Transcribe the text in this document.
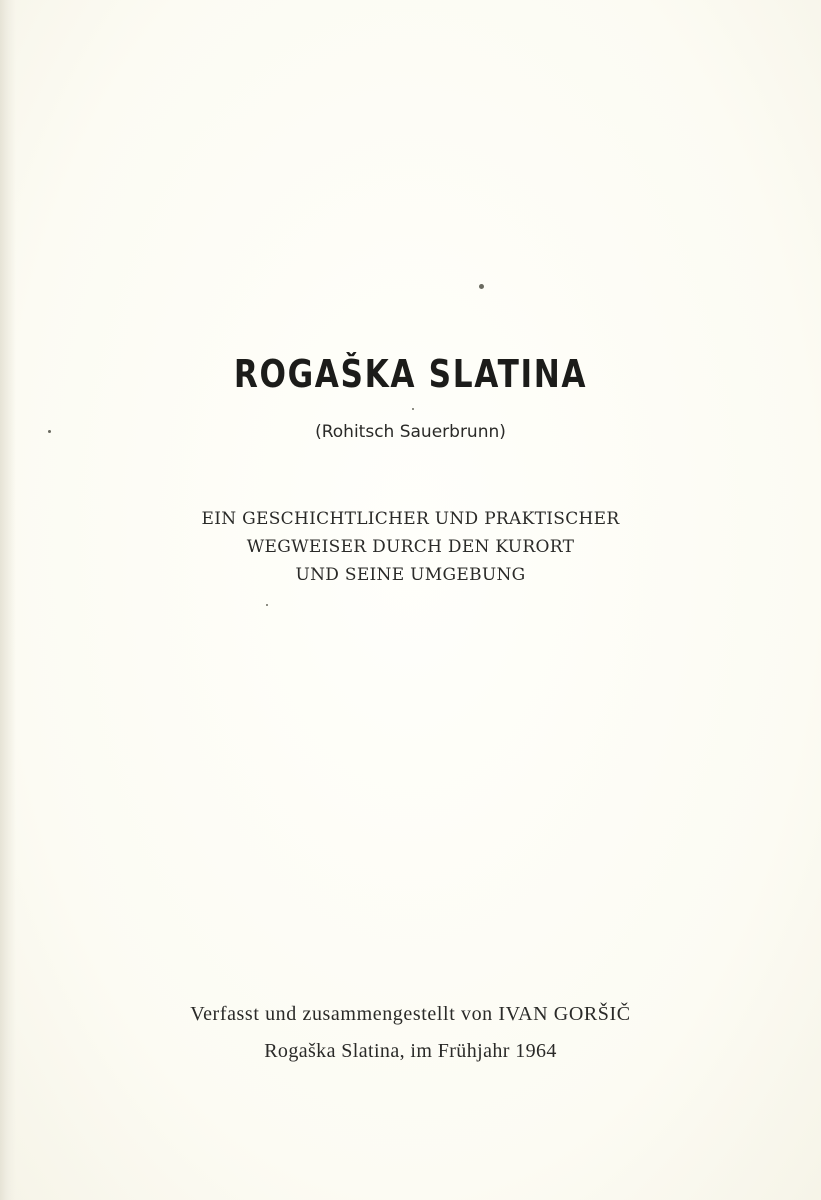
ROGAŠKA SLATINA
(Rohitsch Sauerbrunn)
EIN GESCHICHTLICHER UND PRAKTISCHER
WEGWEISER DURCH DEN KURORT
UND SEINE UMGEBUNG
Verfasst und zusammengestellt von IVAN GORŠIČ
Rogaška Slatina, im Frühjahr 1964
